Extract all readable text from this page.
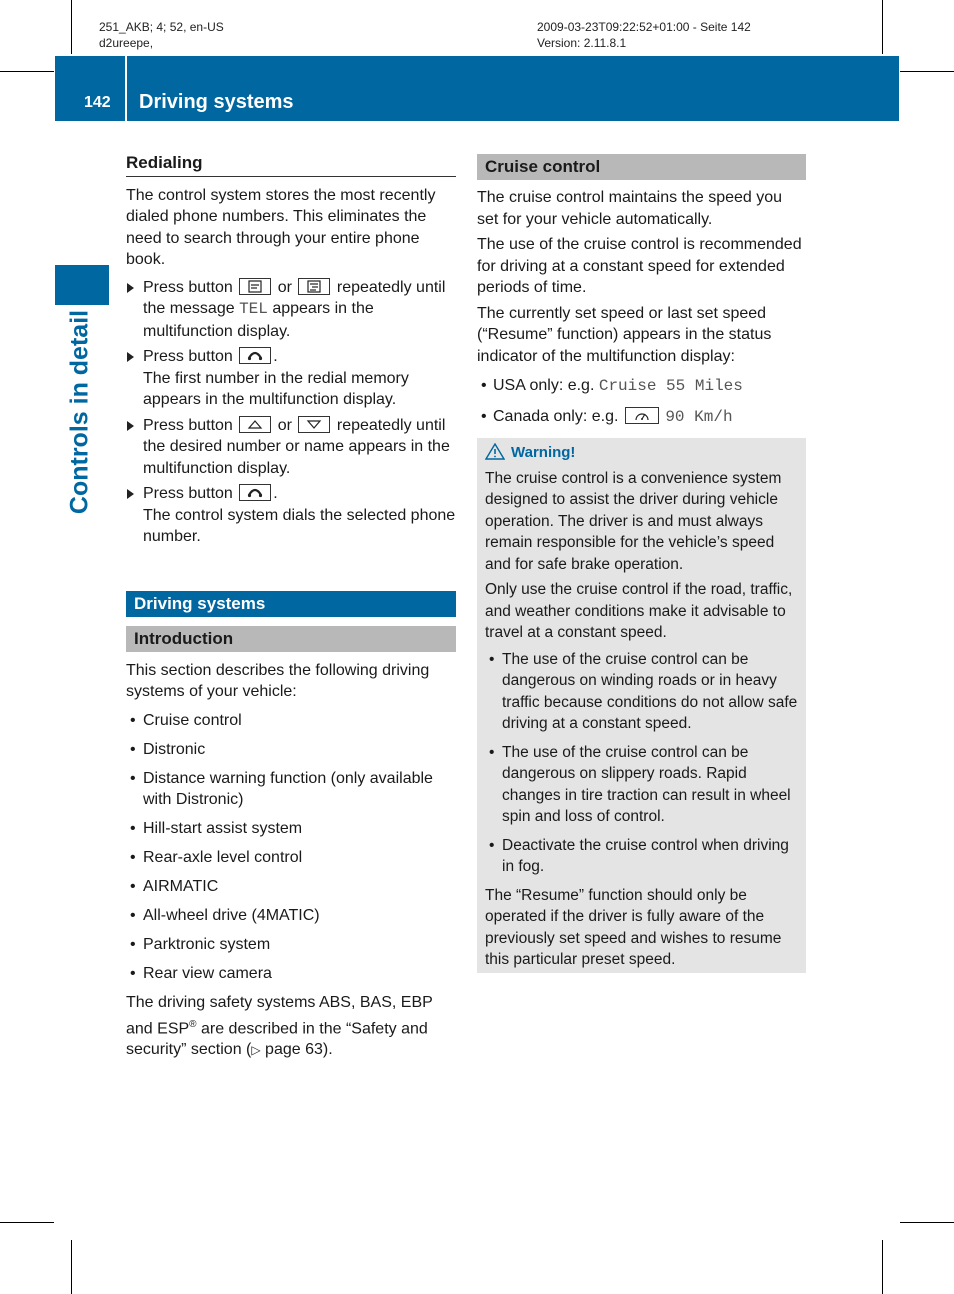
251_AKB; 4; 52, en-US
d2ureepe,
2009-03-23T09:22:52+01:00 - Seite 142
Version: 2.11.8.1
142 Driving systems
Controls in detail
Redialing

The control system stores the most recently dialed phone numbers. This eliminates the need to search through your entire phone book.

Press button	or	repeatedly until the message TEL appears in the multifunction display.
Press button	.
The first number in the redial memory appears in the multifunction display.
Press button	or	repeatedly until the desired number or name appears in the multifunction display.
Press button	.
The control system dials the selected phone number.
Driving systems
Introduction

This section describes the following driving systems of your vehicle:

• Cruise control
• Distronic
• Distance warning function (only available with Distronic)
• Hill-start assist system
• Rear-axle level control
• AIRMATIC
• All-wheel drive (4MATIC)
• Parktronic system
• Rear view camera

The driving safety systems ABS, BAS, EBP and ESP® are described in the “Safety and security” section (▷ page 63).

Cruise control

The cruise control maintains the speed you set for your vehicle automatically.

The use of the cruise control is recommended for driving at a constant speed for extended periods of time.

The currently set speed or last set speed (“Resume” function) appears in the status indicator of the multifunction display:

• USA only: e.g. Cruise 55 Miles
• Canada only: e.g.	90 Km/h
Warning!

The cruise control is a convenience system designed to assist the driver during vehicle operation. The driver is and must always remain responsible for the vehicle’s speed and for safe brake operation.

Only use the cruise control if the road, traffic, and weather conditions make it advisable to travel at a constant speed.

• The use of the cruise control can be dangerous on winding roads or in heavy traffic because conditions do not allow safe driving at a constant speed.
• The use of the cruise control can be dangerous on slippery roads. Rapid changes in tire traction can result in wheel spin and loss of control.
• Deactivate the cruise control when driving in fog.

The “Resume” function should only be operated if the driver is fully aware of the previously set speed and wishes to resume this particular preset speed.
